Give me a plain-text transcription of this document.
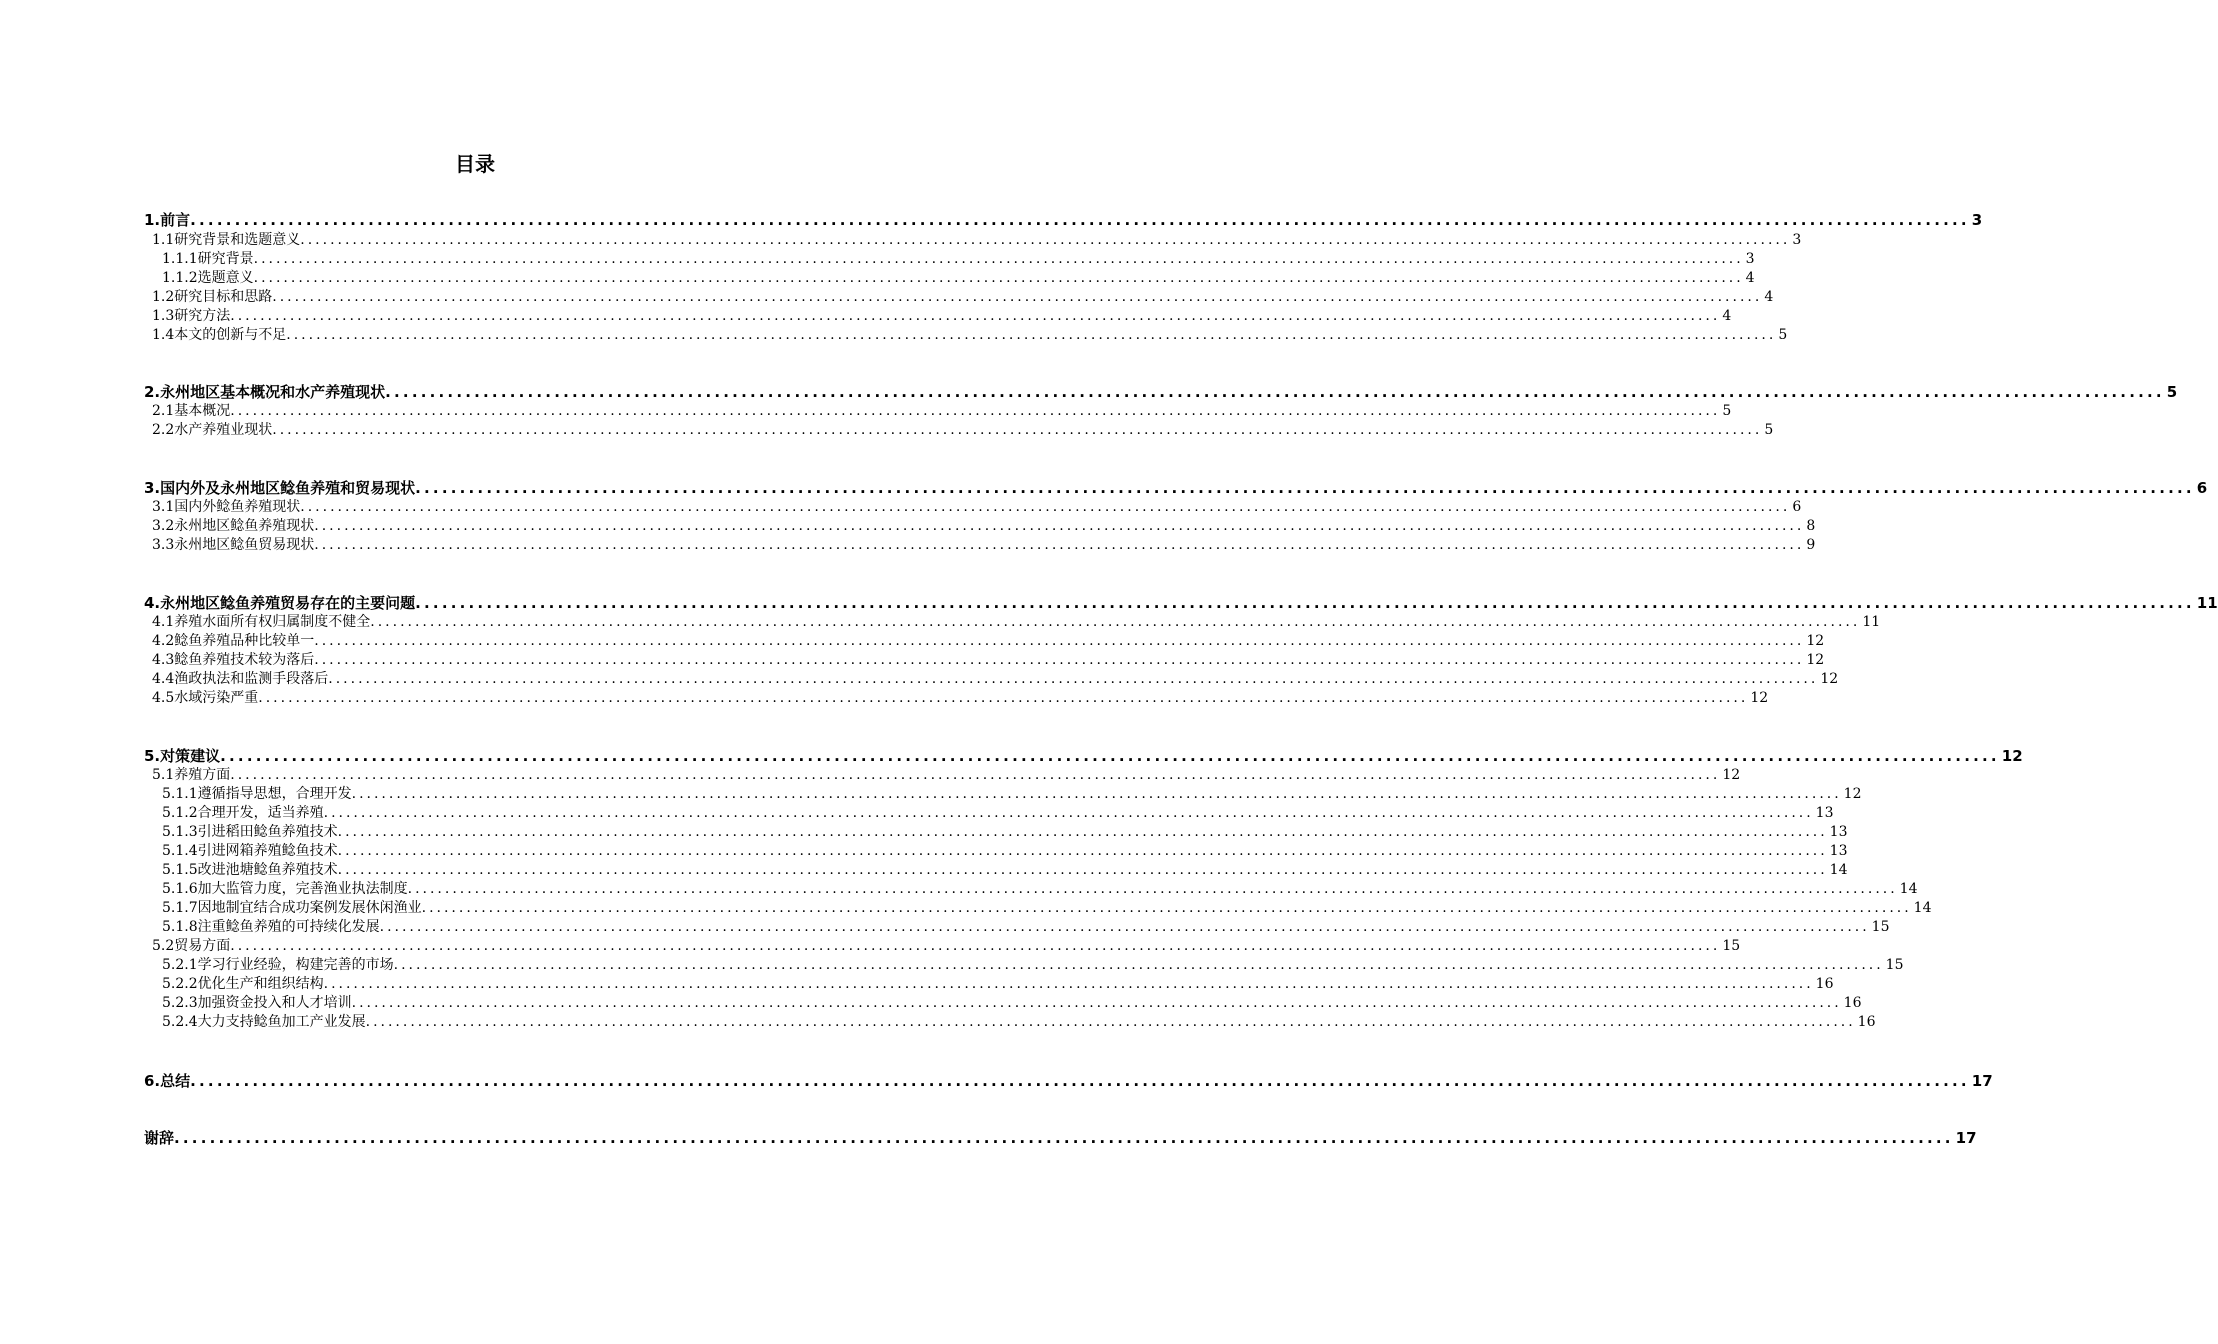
目录
1.前言 ........................................................................................................................................................................................................ 3
1.1研究背景和选题意义 ........................................................................................................................................................................................................ 3
1.1.1研究背景 ........................................................................................................................................................................................................ 3
1.1.2选题意义 ........................................................................................................................................................................................................ 4
1.2研究目标和思路 ........................................................................................................................................................................................................ 4
1.3研究方法 ........................................................................................................................................................................................................ 4
1.4本文的创新与不足 ........................................................................................................................................................................................................ 5
2.永州地区基本概况和水产养殖现状 ........................................................................................................................................................................................................ 5
2.1基本概况 ........................................................................................................................................................................................................ 5
2.2水产养殖业现状 ........................................................................................................................................................................................................ 5
3.国内外及永州地区鲶鱼养殖和贸易现状 ........................................................................................................................................................................................................ 6
3.1国内外鲶鱼养殖现状 ........................................................................................................................................................................................................ 6
3.2永州地区鲶鱼养殖现状 ........................................................................................................................................................................................................ 8
3.3永州地区鲶鱼贸易现状 ........................................................................................................................................................................................................ 9
4.永州地区鲶鱼养殖贸易存在的主要问题 ........................................................................................................................................................................................................ 11
4.1养殖水面所有权归属制度不健全 ........................................................................................................................................................................................................ 11
4.2鲶鱼养殖品种比较单一 ........................................................................................................................................................................................................ 12
4.3鲶鱼养殖技术较为落后 ........................................................................................................................................................................................................ 12
4.4渔政执法和监测手段落后 ........................................................................................................................................................................................................ 12
4.5水域污染严重 ........................................................................................................................................................................................................ 12
5.对策建议 ........................................................................................................................................................................................................ 12
5.1养殖方面 ........................................................................................................................................................................................................ 12
5.1.1遵循指导思想，合理开发 ........................................................................................................................................................................................................ 12
5.1.2合理开发，适当养殖 ........................................................................................................................................................................................................ 13
5.1.3引进稻田鲶鱼养殖技术 ........................................................................................................................................................................................................ 13
5.1.4引进网箱养殖鲶鱼技术 ........................................................................................................................................................................................................ 13
5.1.5改进池塘鲶鱼养殖技术 ........................................................................................................................................................................................................ 14
5.1.6加大监管力度，完善渔业执法制度 ........................................................................................................................................................................................................ 14
5.1.7因地制宜结合成功案例发展休闲渔业 ........................................................................................................................................................................................................ 14
5.1.8注重鲶鱼养殖的可持续化发展 ........................................................................................................................................................................................................ 15
5.2贸易方面 ........................................................................................................................................................................................................ 15
5.2.1学习行业经验，构建完善的市场 ........................................................................................................................................................................................................ 15
5.2.2优化生产和组织结构 ........................................................................................................................................................................................................ 16
5.2.3加强资金投入和人才培训 ........................................................................................................................................................................................................ 16
5.2.4大力支持鲶鱼加工产业发展 ........................................................................................................................................................................................................ 16
6.总结 ........................................................................................................................................................................................................ 17
谢辞 ........................................................................................................................................................................................................ 17
